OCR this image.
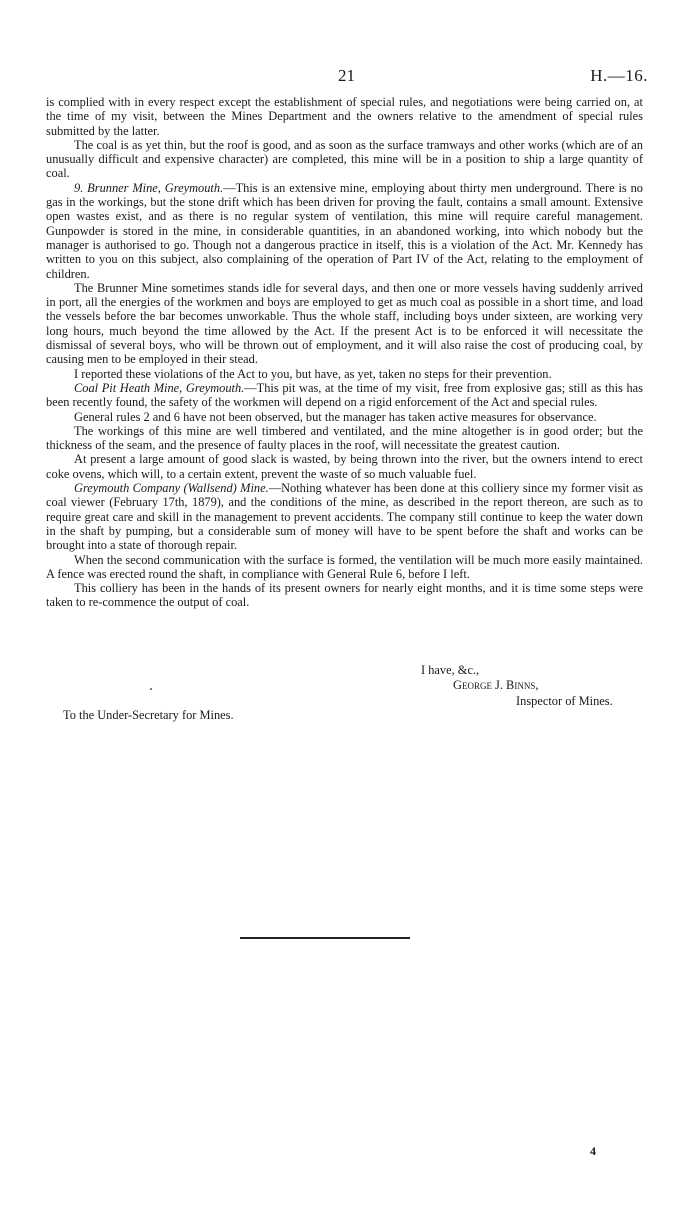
21	H.—16.

is complied with in every respect except the establishment of special rules, and negotiations were being carried on, at the time of my visit, between the Mines Department and the owners relative to the amendment of special rules submitted by the latter.

The coal is as yet thin, but the roof is good, and as soon as the surface tramways and other works (which are of an unusually difficult and expensive character) are completed, this mine will be in a position to ship a large quantity of coal.

9. Brunner Mine, Greymouth.—This is an extensive mine, employing about thirty men underground. There is no gas in the workings, but the stone drift which has been driven for proving the fault, contains a small amount. Extensive open wastes exist, and as there is no regular system of ventilation, this mine will require careful management. Gunpowder is stored in the mine, in considerable quantities, in an abandoned working, into which nobody but the manager is authorised to go. Though not a dangerous practice in itself, this is a violation of the Act. Mr. Kennedy has written to you on this subject, also complaining of the operation of Part IV of the Act, relating to the employment of children.

The Brunner Mine sometimes stands idle for several days, and then one or more vessels having suddenly arrived in port, all the energies of the workmen and boys are employed to get as much coal as possible in a short time, and load the vessels before the bar becomes unworkable. Thus the whole staff, including boys under sixteen, are working very long hours, much beyond the time allowed by the Act. If the present Act is to be enforced it will necessitate the dismissal of several boys, who will be thrown out of employment, and it will also raise the cost of producing coal, by causing men to be employed in their stead.

I reported these violations of the Act to you, but have, as yet, taken no steps for their prevention.

Coal Pit Heath Mine, Greymouth.—This pit was, at the time of my visit, free from explosive gas; still as this has been recently found, the safety of the workmen will depend on a rigid enforcement of the Act and special rules.

General rules 2 and 6 have not been observed, but the manager has taken active measures for observance.

The workings of this mine are well timbered and ventilated, and the mine altogether is in good order; but the thickness of the seam, and the presence of faulty places in the roof, will necessitate the greatest caution.

At present a large amount of good slack is wasted, by being thrown into the river, but the owners intend to erect coke ovens, which will, to a certain extent, prevent the waste of so much valuable fuel.

Greymouth Company (Wallsend) Mine.—Nothing whatever has been done at this colliery since my former visit as coal viewer (February 17th, 1879), and the conditions of the mine, as described in the report thereon, are such as to require great care and skill in the management to prevent accidents. The company still continue to keep the water down in the shaft by pumping, but a considerable sum of money will have to be spent before the shaft and works can be brought into a state of thorough repair.

When the second communication with the surface is formed, the ventilation will be much more easily maintained. A fence was erected round the shaft, in compliance with General Rule 6, before I left.

This colliery has been in the hands of its present owners for nearly eight months, and it is time some steps were taken to re-commence the output of coal.

I have, &c.,
George J. Binns,
Inspector of Mines.
To the Under-Secretary for Mines.
4
